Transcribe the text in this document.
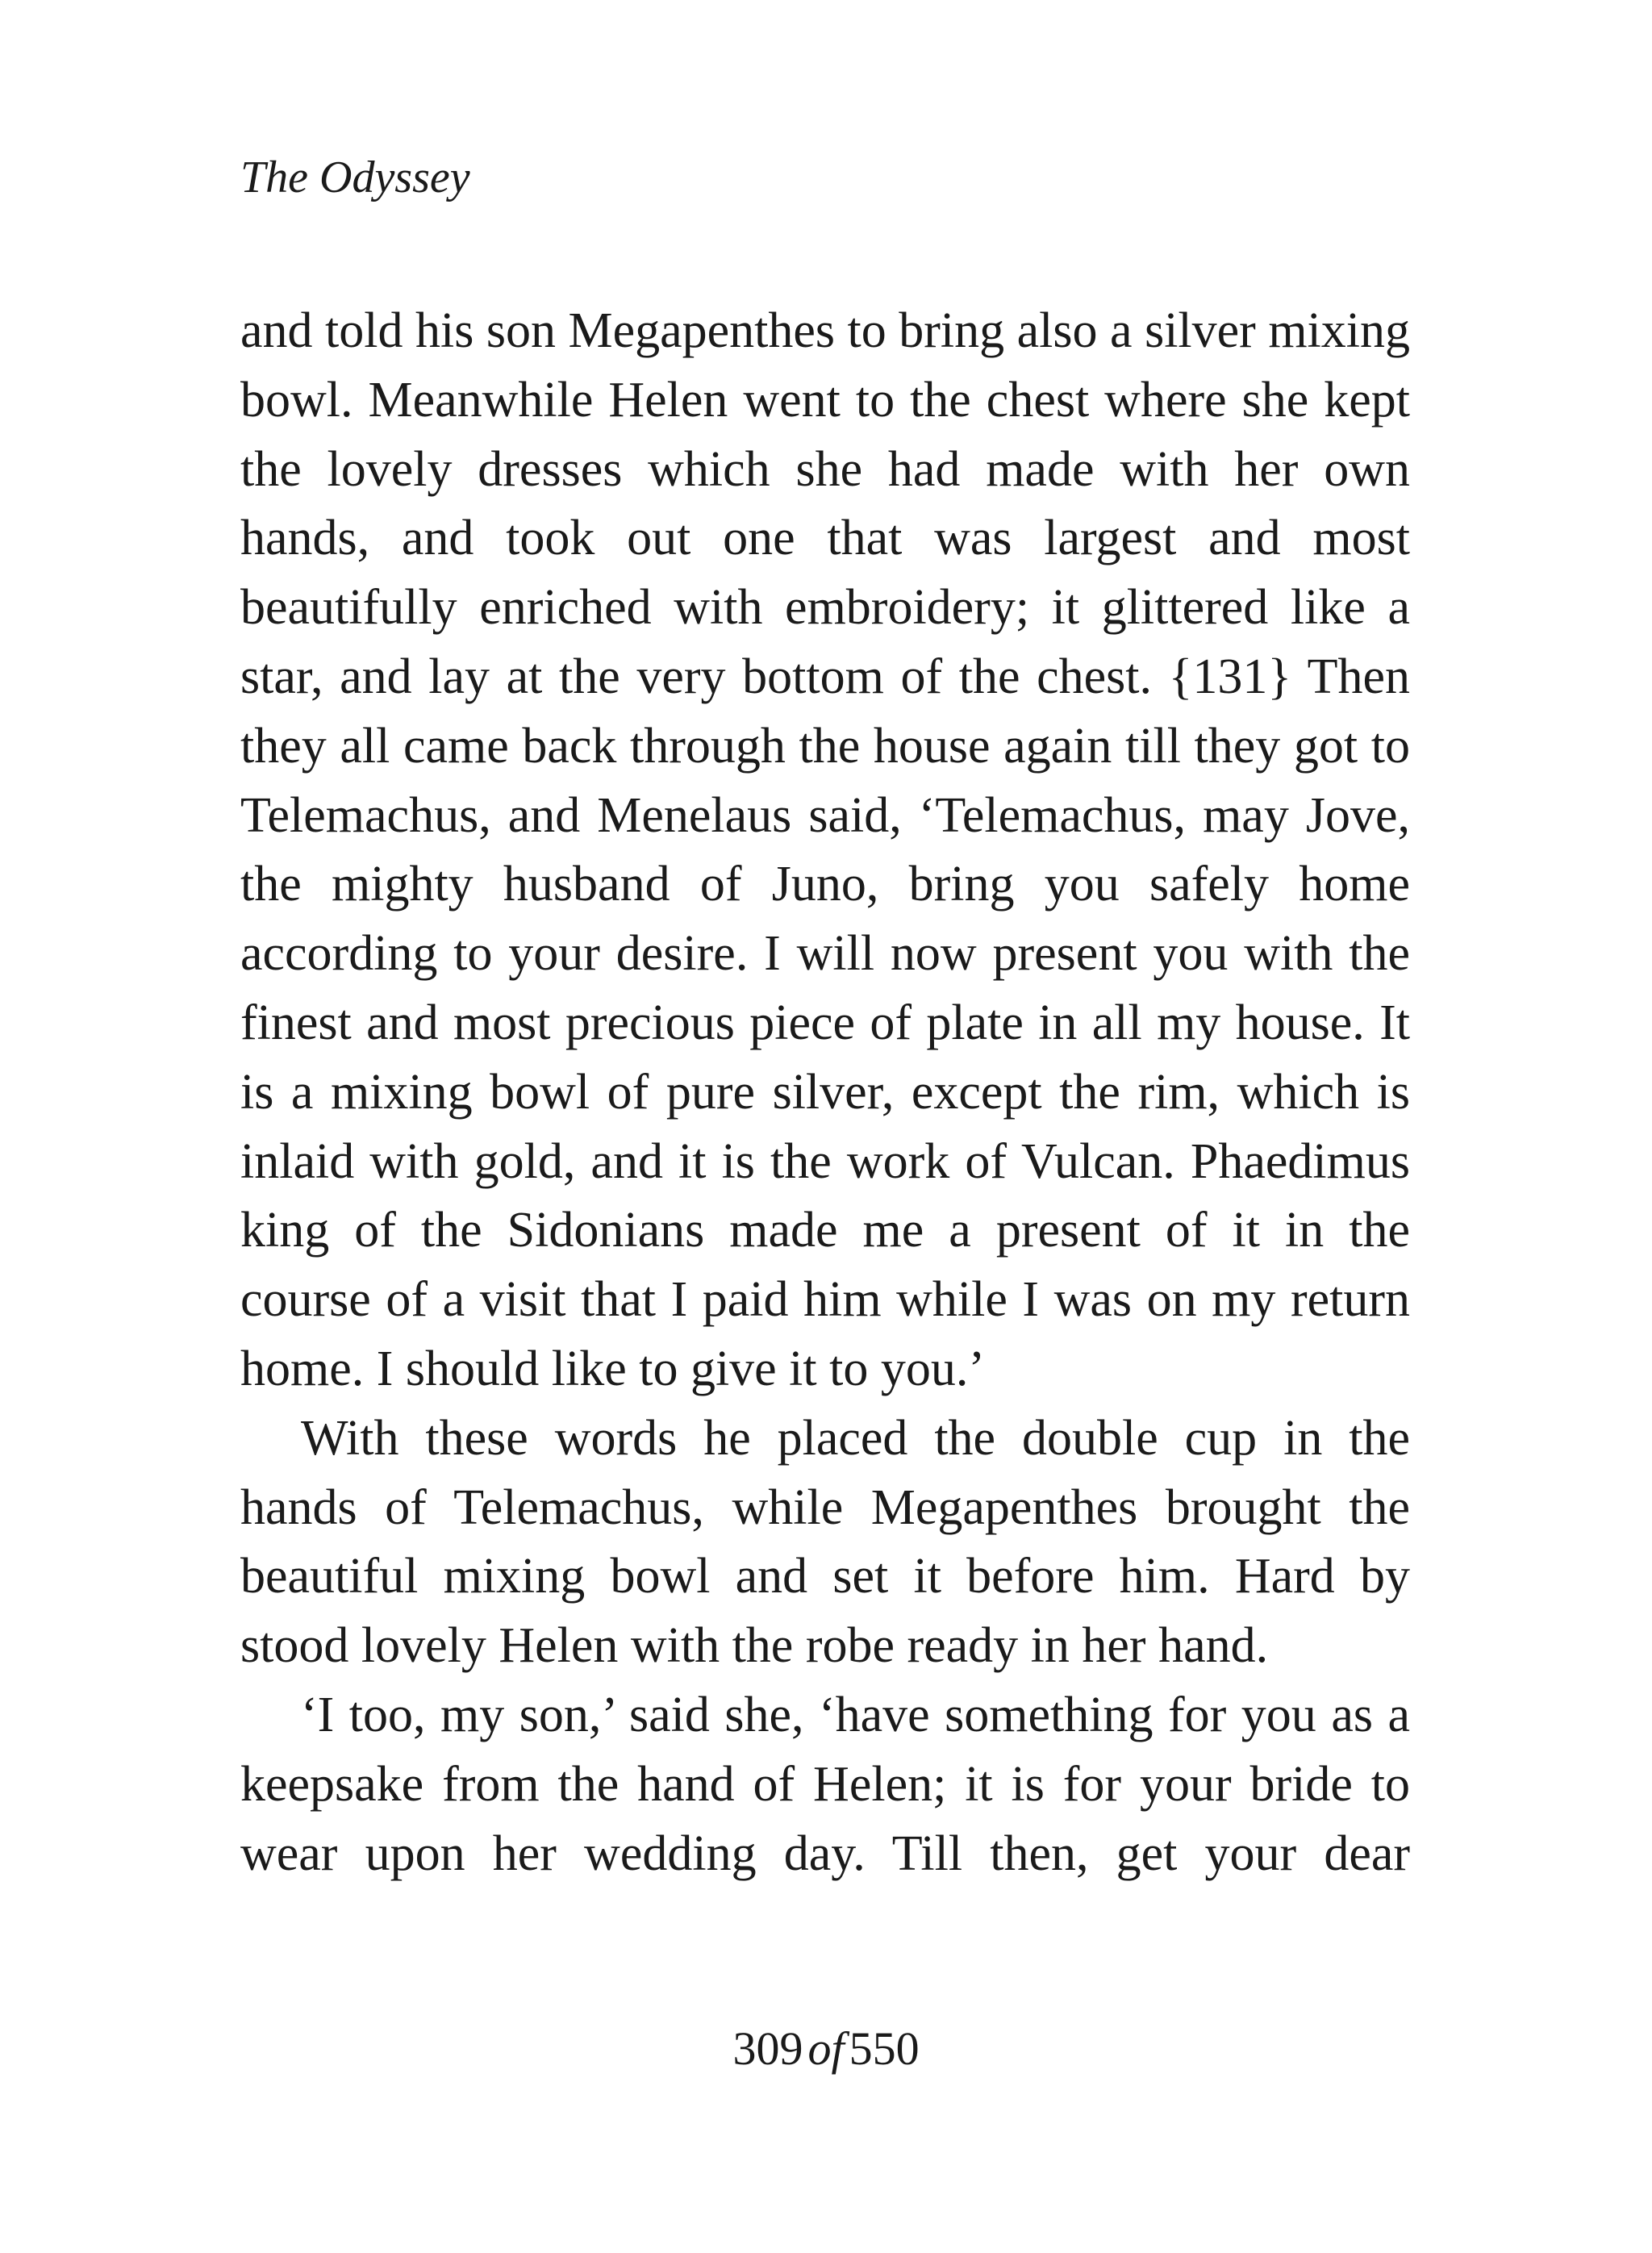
The Odyssey
and told his son Megapenthes to bring also a silver mixing
bowl. Meanwhile Helen went to the chest where she kept
the lovely dresses which she had made with her own
hands, and took out one that was largest and most
beautifully enriched with embroidery; it glittered like a
star, and lay at the very bottom of the chest. {131} Then
they all came back through the house again till they got to
Telemachus, and Menelaus said, ‘Telemachus, may Jove,
the mighty husband of Juno, bring you safely home
according to your desire. I will now present you with the
finest and most precious piece of plate in all my house. It
is a mixing bowl of pure silver, except the rim, which is
inlaid with gold, and it is the work of Vulcan. Phaedimus
king of the Sidonians made me a present of it in the
course of a visit that I paid him while I was on my return
home. I should like to give it to you.’
With these words he placed the double cup in the
hands of Telemachus, while Megapenthes brought the
beautiful mixing bowl and set it before him. Hard by
stood lovely Helen with the robe ready in her hand.
‘I too, my son,’ said she, ‘have something for you as a
keepsake from the hand of Helen; it is for your bride to
wear upon her wedding day. Till then, get your dear
309 of 550
